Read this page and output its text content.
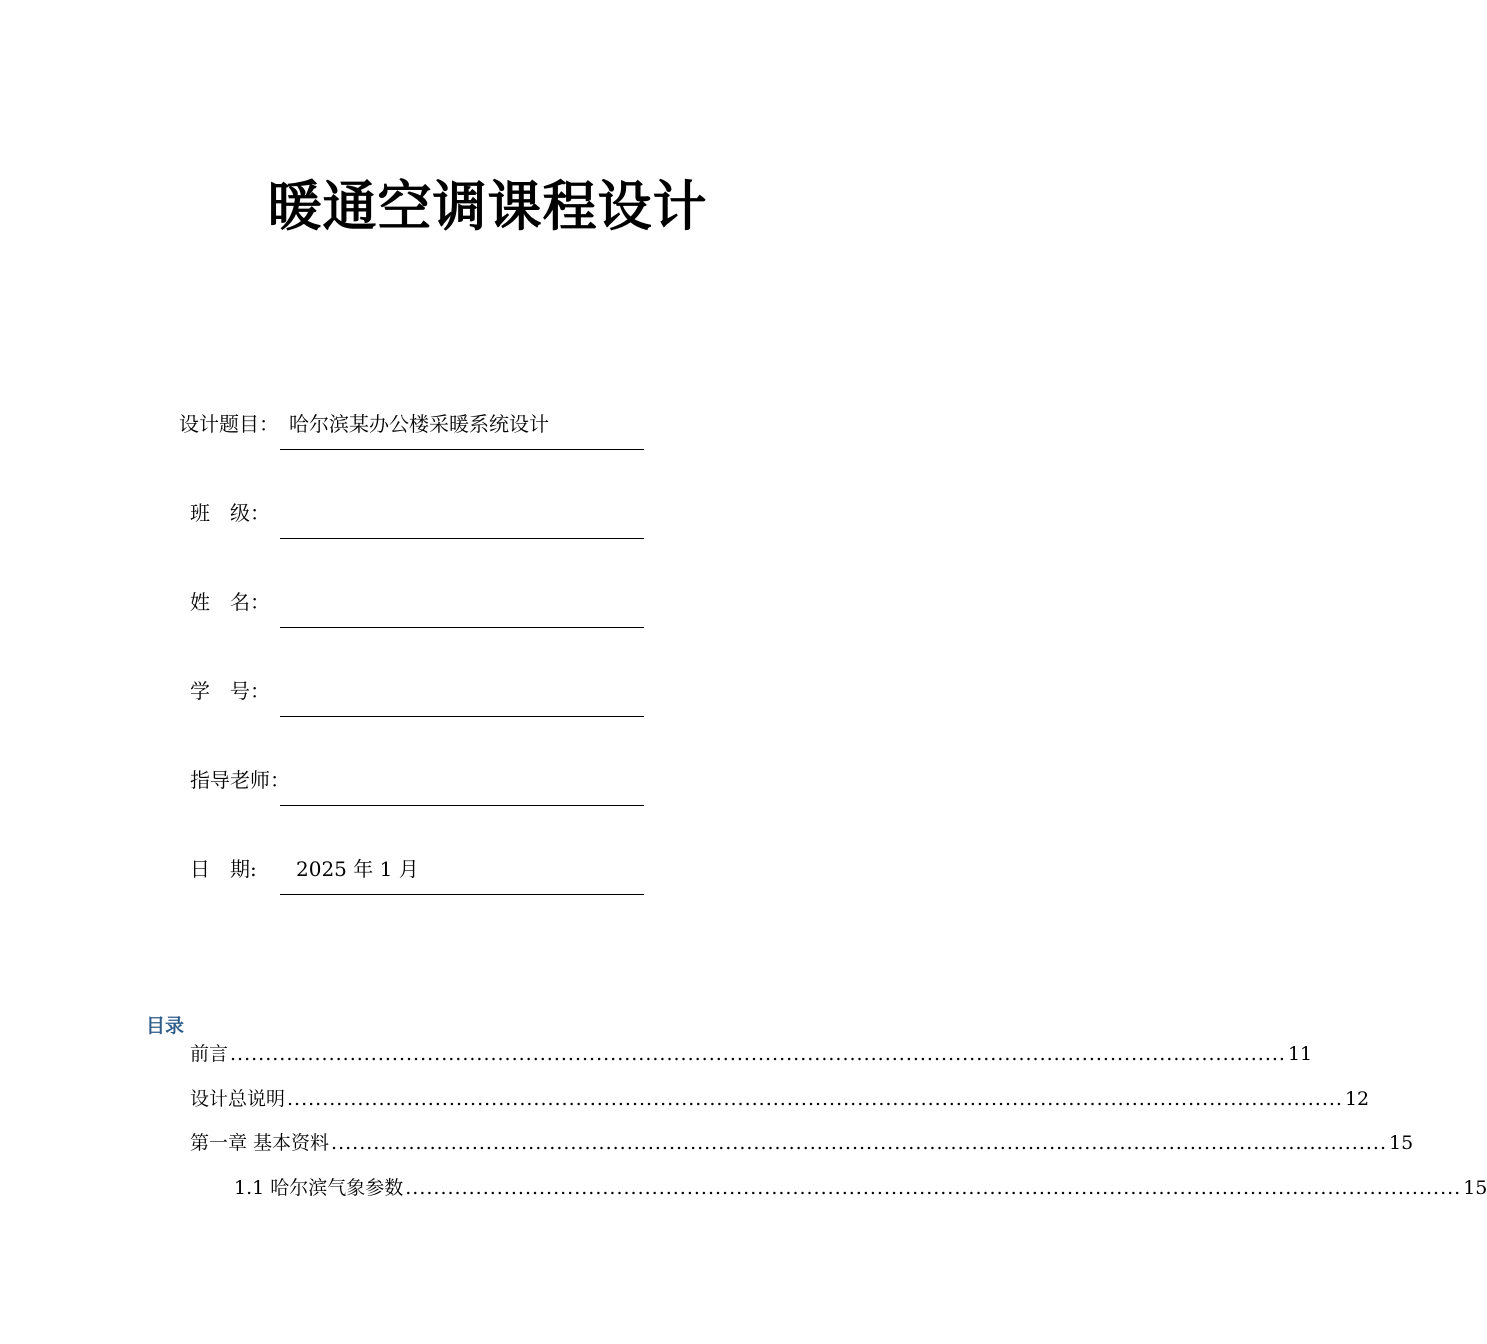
暖通空调课程设计
设计题目： 哈尔滨某办公楼采暖系统设计
班　级：
姓　名：
学　号：
指导老师：
日　期: 2025 年 1 月
目录
前言 ...................................................................................................................................................... 11
设计总说明 ...................................................................................................................................................... 12
第一章 基本资料 ...................................................................................................................................................... 15
1.1 哈尔滨气象参数 ...................................................................................................................................................... 15
